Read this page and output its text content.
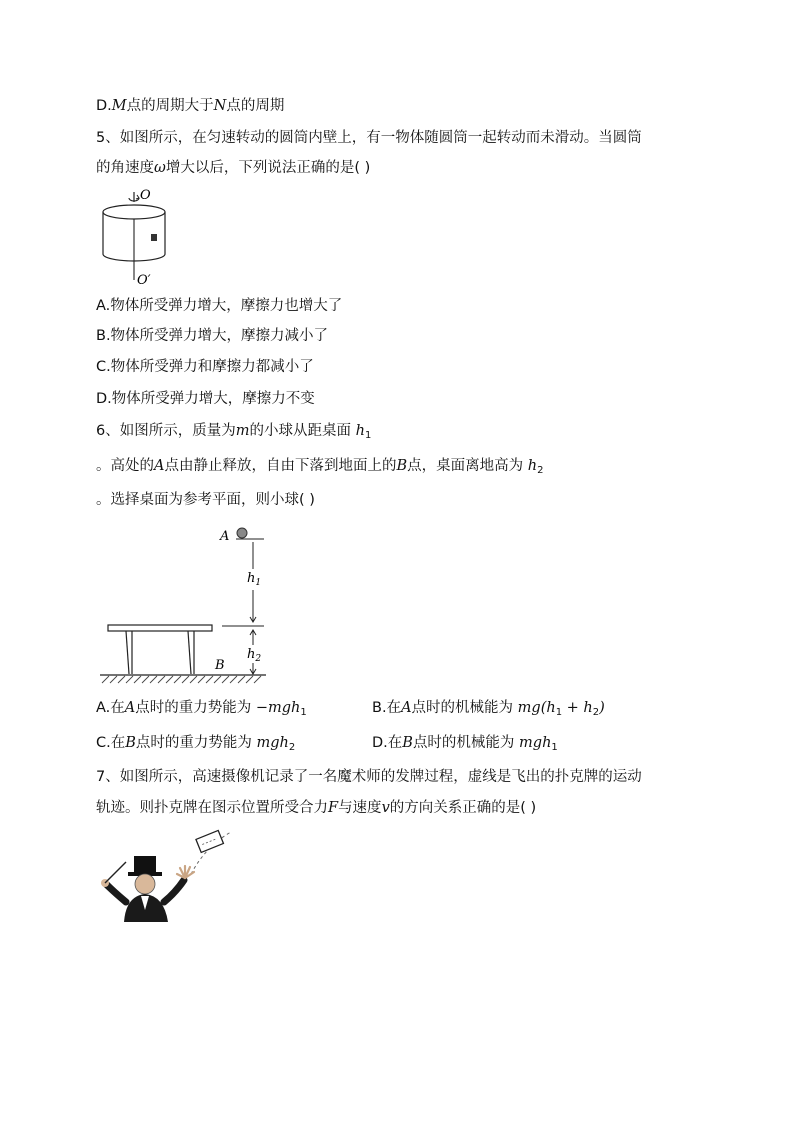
D.M点的周期大于N点的周期
5、如图所示，在匀速转动的圆筒内壁上，有一物体随圆筒一起转动而未滑动。当圆筒
的角速度ω增大以后，下列说法正确的是( )
O
O′
A.物体所受弹力增大，摩擦力也增大了
B.物体所受弹力增大，摩擦力减小了
C.物体所受弹力和摩擦力都减小了
D.物体所受弹力增大，摩擦力不变
6、如图所示，质量为m的小球从距桌面 $h_1$
。高处的A点由静止释放，自由下落到地面上的B点，桌面离地高为 $h_2$
。选择桌面为参考平面，则小球( )
A
$h_1$
$h_2$
B
A.在A点时的重力势能为 −mgh$_1$	B.在A点时的机械能为 $mg(h_1 + h_2)$
C.在B点时的重力势能为 mgh$_2$	D.在B点时的机械能为 mgh$_1$
7、如图所示，高速摄像机记录了一名魔术师的发牌过程，虚线是飞出的扑克牌的运动
轨迹。则扑克牌在图示位置所受合力F与速度v的方向关系正确的是( )
